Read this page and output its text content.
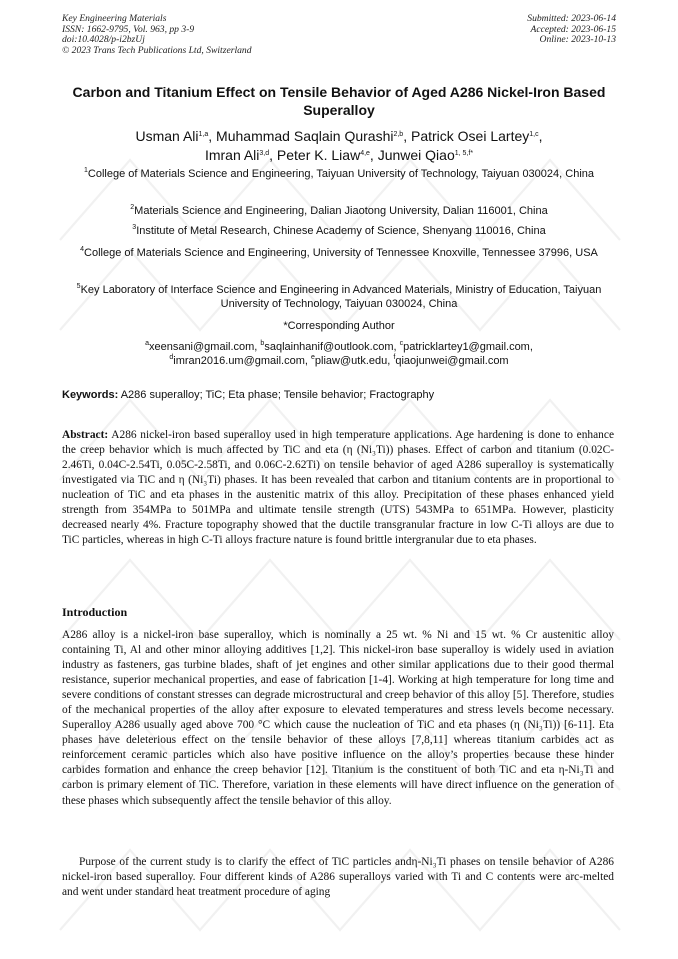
Key Engineering Materials
ISSN: 1662-9795, Vol. 963, pp 3-9
doi:10.4028/p-i2bzUj
© 2023 Trans Tech Publications Ltd, Switzerland
Submitted: 2023-06-14
Accepted: 2023-06-15
Online: 2023-10-13
Carbon and Titanium Effect on Tensile Behavior of Aged A286 Nickel-Iron Based Superalloy
Usman Ali$^{1,a}$, Muhammad Saqlain Qurashi$^{2,b}$, Patrick Osei Lartey$^{1,c}$,
Imran Ali$^{3,d}$, Peter K. Liaw$^{4,e}$, Junwei Qiao$^{1, 5,f*}$
$^1$College of Materials Science and Engineering, Taiyuan University of Technology, Taiyuan 030024, China
$^2$Materials Science and Engineering, Dalian Jiaotong University, Dalian 116001, China
$^3$Institute of Metal Research, Chinese Academy of Science, Shenyang 110016, China
$^4$College of Materials Science and Engineering, University of Tennessee Knoxville, Tennessee 37996, USA
$^5$Key Laboratory of Interface Science and Engineering in Advanced Materials, Ministry of Education, Taiyuan University of Technology, Taiyuan 030024, China
*Corresponding Author
$^a$xeensani@gmail.com, $^b$saqlainhanif@outlook.com, $^c$patricklartey1@gmail.com,
$^d$imran2016.um@gmail.com, $^e$pliaw@utk.edu, $^f$qiaojunwei@gmail.com
Keywords: A286 superalloy; TiC; Eta phase; Tensile behavior; Fractography
Abstract: A286 nickel-iron based superalloy used in high temperature applications. Age hardening is done to enhance the creep behavior which is much affected by TiC and eta (η (Ni₃Ti)) phases. Effect of carbon and titanium (0.02C-2.46Ti, 0.04C-2.54Ti, 0.05C-2.58Ti, and 0.06C-2.62Ti) on tensile behavior of aged A286 superalloy is systematically investigated via TiC and η (Ni₃Ti) phases. It has been revealed that carbon and titanium contents are in proportional to nucleation of TiC and eta phases in the austenitic matrix of this alloy. Precipitation of these phases enhanced yield strength from 354MPa to 501MPa and ultimate tensile strength (UTS) 543MPa to 651MPa. However, plasticity decreased nearly 4%. Fracture topography showed that the ductile transgranular fracture in low C-Ti alloys are due to TiC particles, whereas in high C-Ti alloys fracture nature is found brittle intergranular due to eta phases.
Introduction
A286 alloy is a nickel-iron base superalloy, which is nominally a 25 wt. % Ni and 15 wt. % Cr austenitic alloy containing Ti, Al and other minor alloying additives [1,2]. This nickel-iron base superalloy is widely used in aviation industry as fasteners, gas turbine blades, shaft of jet engines and other similar applications due to their good thermal resistance, superior mechanical properties, and ease of fabrication [1-4]. Working at high temperature for long time and severe conditions of constant stresses can degrade microstructural and creep behavior of this alloy [5]. Therefore, studies of the mechanical properties of the alloy after exposure to elevated temperatures and stress levels become necessary. Superalloy A286 usually aged above 700 °C which cause the nucleation of TiC and eta phases (η (Ni₃Ti)) [6-11]. Eta phases have deleterious effect on the tensile behavior of these alloys [7,8,11] whereas titanium carbides act as reinforcement ceramic particles which also have positive influence on the alloy’s properties because these hinder carbides formation and enhance the creep behavior [12]. Titanium is the constituent of both TiC and eta η-Ni₃Ti and carbon is primary element of TiC. Therefore, variation in these elements will have direct influence on the generation of these phases which subsequently affect the tensile behavior of this alloy.
Purpose of the current study is to clarify the effect of TiC particles andη-Ni₃Ti phases on tensile behavior of A286 nickel-iron based superalloy. Four different kinds of A286 superalloys varied with Ti and C contents were arc-melted and went under standard heat treatment procedure of aging
